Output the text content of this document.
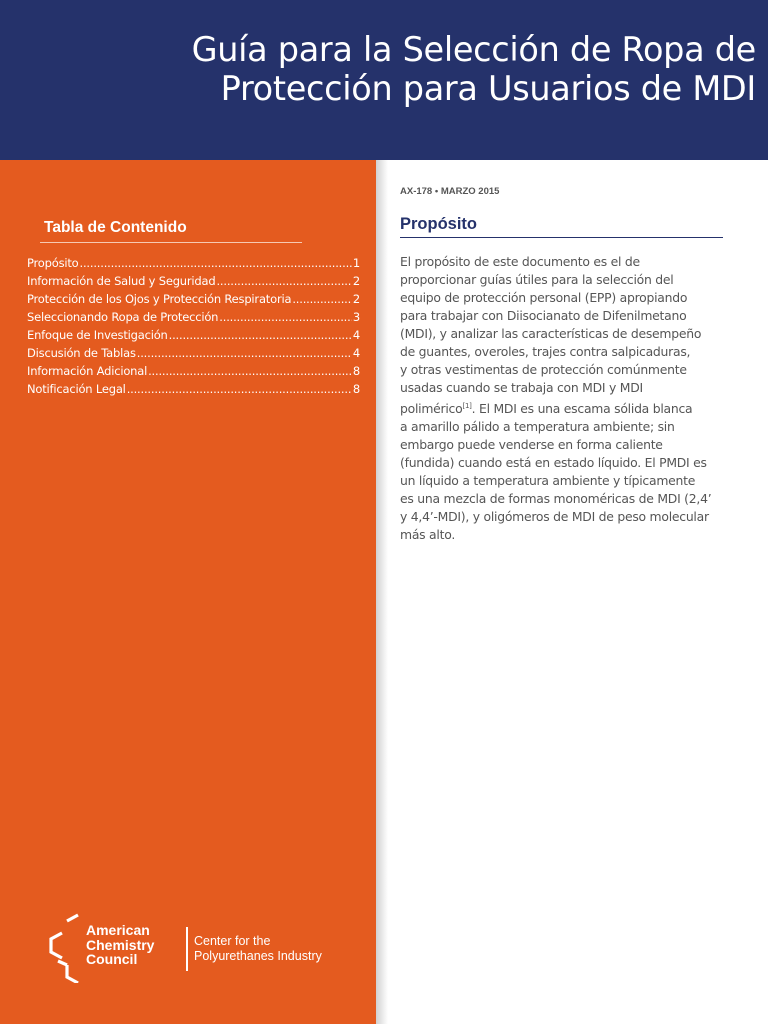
Guía para la Selección de Ropa de
Protección para Usuarios de MDI
Tabla de Contenido
Propósito .....	1
Información de Salud y Seguridad .....	2
Protección de los Ojos y Protección Respiratoria .....	2
Seleccionando Ropa de Protección .....	3
Enfoque de Investigación .....	4
Discusión de Tablas .....	4
Información Adicional .....	8
Notificación Legal .....	8
AX-178 • MARZO 2015
Propósito
El propósito de este documento es el de
proporcionar guías útiles para la selección del
equipo de protección personal (EPP) apropiando
para trabajar con Diisocianato de Difenilmetano
(MDI), y analizar las características de desempeño
de guantes, overoles, trajes contra salpicaduras,
y otras vestimentas de protección comúnmente
usadas cuando se trabaja con MDI y MDI
polimérico[1]. El MDI es una escama sólida blanca
a amarillo pálido a temperatura ambiente; sin
embargo puede venderse en forma caliente
(fundida) cuando está en estado líquido. El PMDI es
un líquido a temperatura ambiente y típicamente
es una mezcla de formas monoméricas de MDI (2,4’
y 4,4’-MDI), y oligómeros de MDI de peso molecular
más alto.
American
Chemistry
Council
Center for the
Polyurethanes Industry
